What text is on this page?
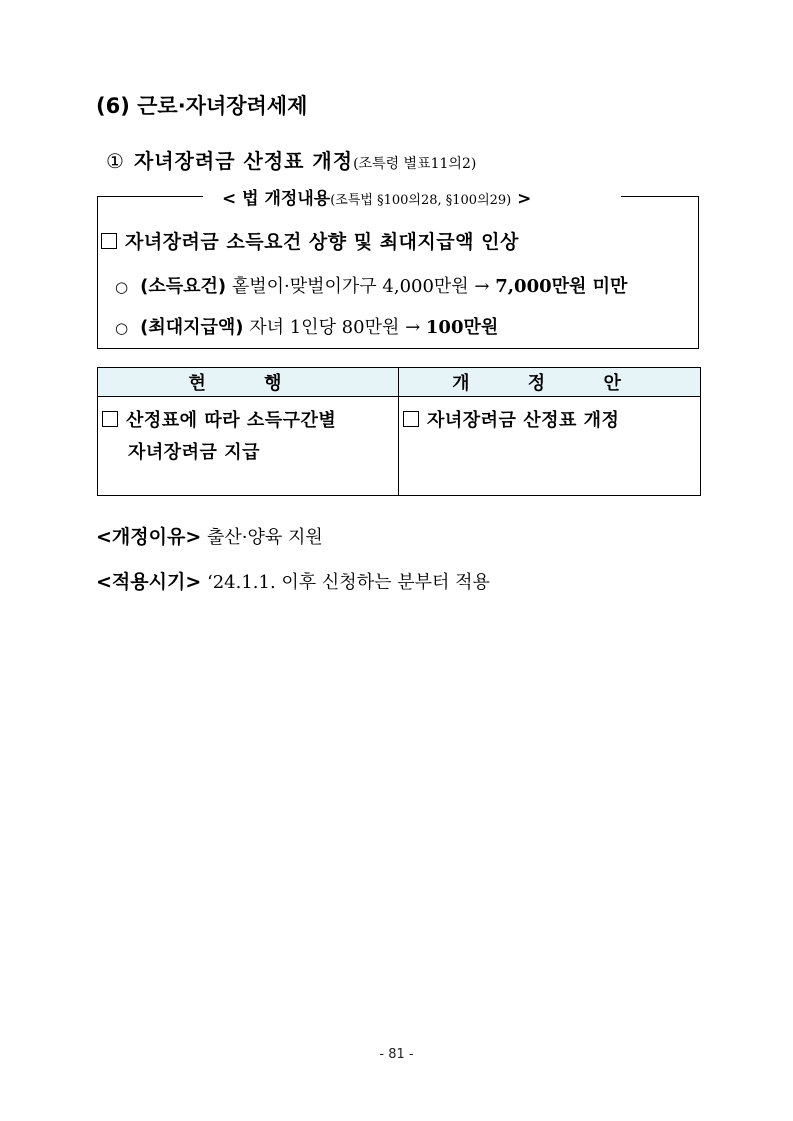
(6) 근로·자녀장려세제
① 자녀장려금 산정표 개정(조특령 별표11의2)
< 법 개정내용(조특법 §100의28, §100의29) >
자녀장려금 소득요건 상향 및 최대지급액 인상
○ (소득요건) 홑벌이·맞벌이가구 4,000만원 → 7,000만원 미만
○ (최대지급액) 자녀 1인당 80만원 → 100만원
현 행	개 정 안
산정표에 따라 소득구간별
자녀장려금 지급	자녀장려금 산정표 개정
<개정이유> 출산·양육 지원
<적용시기> ‘24.1.1. 이후 신청하는 분부터 적용
- 81 -
